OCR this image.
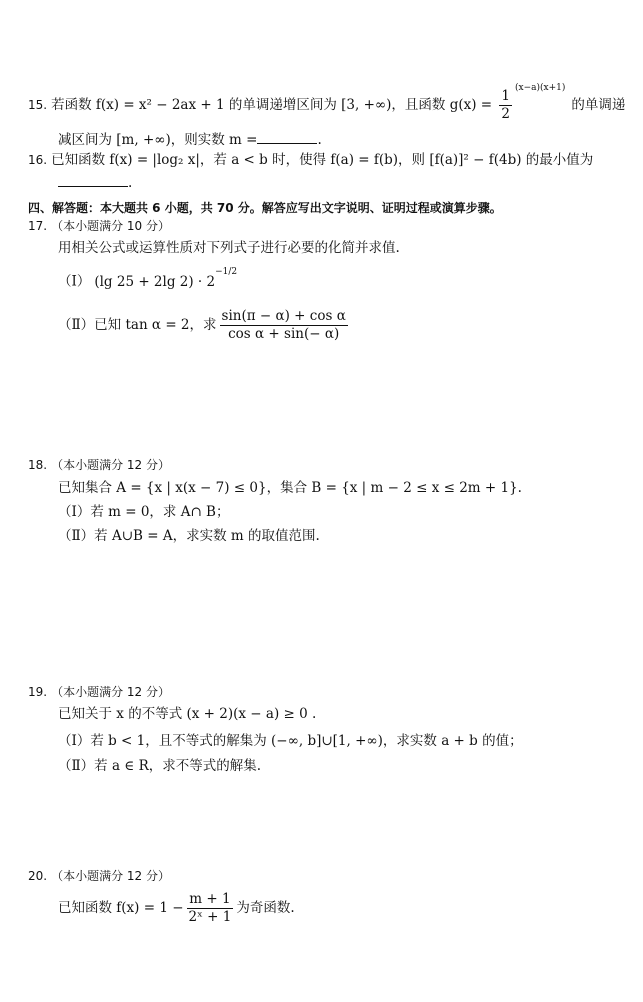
15. 若函数 f(x) = x² − 2ax + 1 的单调递增区间为 [3, +∞)，且函数 $g(x) = \frac{1}{2}$
$^{(x-a)(x+1)}$的单调递
减区间为 [m, +∞)，则实数 m =	.
16. 已知函数 f(x) = |log₂ x|，若 a < b 时，使得 f(a) = f(b)，则 [f(a)]² − f(4b) 的最小值为
.
四、解答题：本大题共 6 小题，共 70 分。解答应写出文字说明、证明过程或演算步骤。
17. （本小题满分 10 分）
用相关公式或运算性质对下列式子进行必要的化简并求值.
（Ⅰ） (lg 25 + 2lg $2) \cdot 2^{-1/2}$
（Ⅱ）已知 tan α = 2，求 $\frac{\text{sin(π − α) + cos α}}{\text{cos α + sin(− α)}}$
18. （本小题满分 12 分）
已知集合 A = {x | x(x − 7) ≤ 0}，集合 B = {x | m − 2 ≤ x ≤ 2m + 1}.
（Ⅰ）若 m = 0，求 A∩ B；
（Ⅱ）若 A∪B = A，求实数 m 的取值范围.
19. （本小题满分 12 分）
已知关于 x 的不等式 (x + 2)(x − a) ≥ 0 .
（Ⅰ）若 b < 1，且不等式的解集为 (−∞, b]∪[1, +∞)，求实数 a + b 的值；
（Ⅱ）若 a ∈ R，求不等式的解集.
20. （本小题满分 12 分）
已知函数 $f(x) = 1 - \frac{m + 1}{\text{2ˣ + 1}}$ 为奇函数.
